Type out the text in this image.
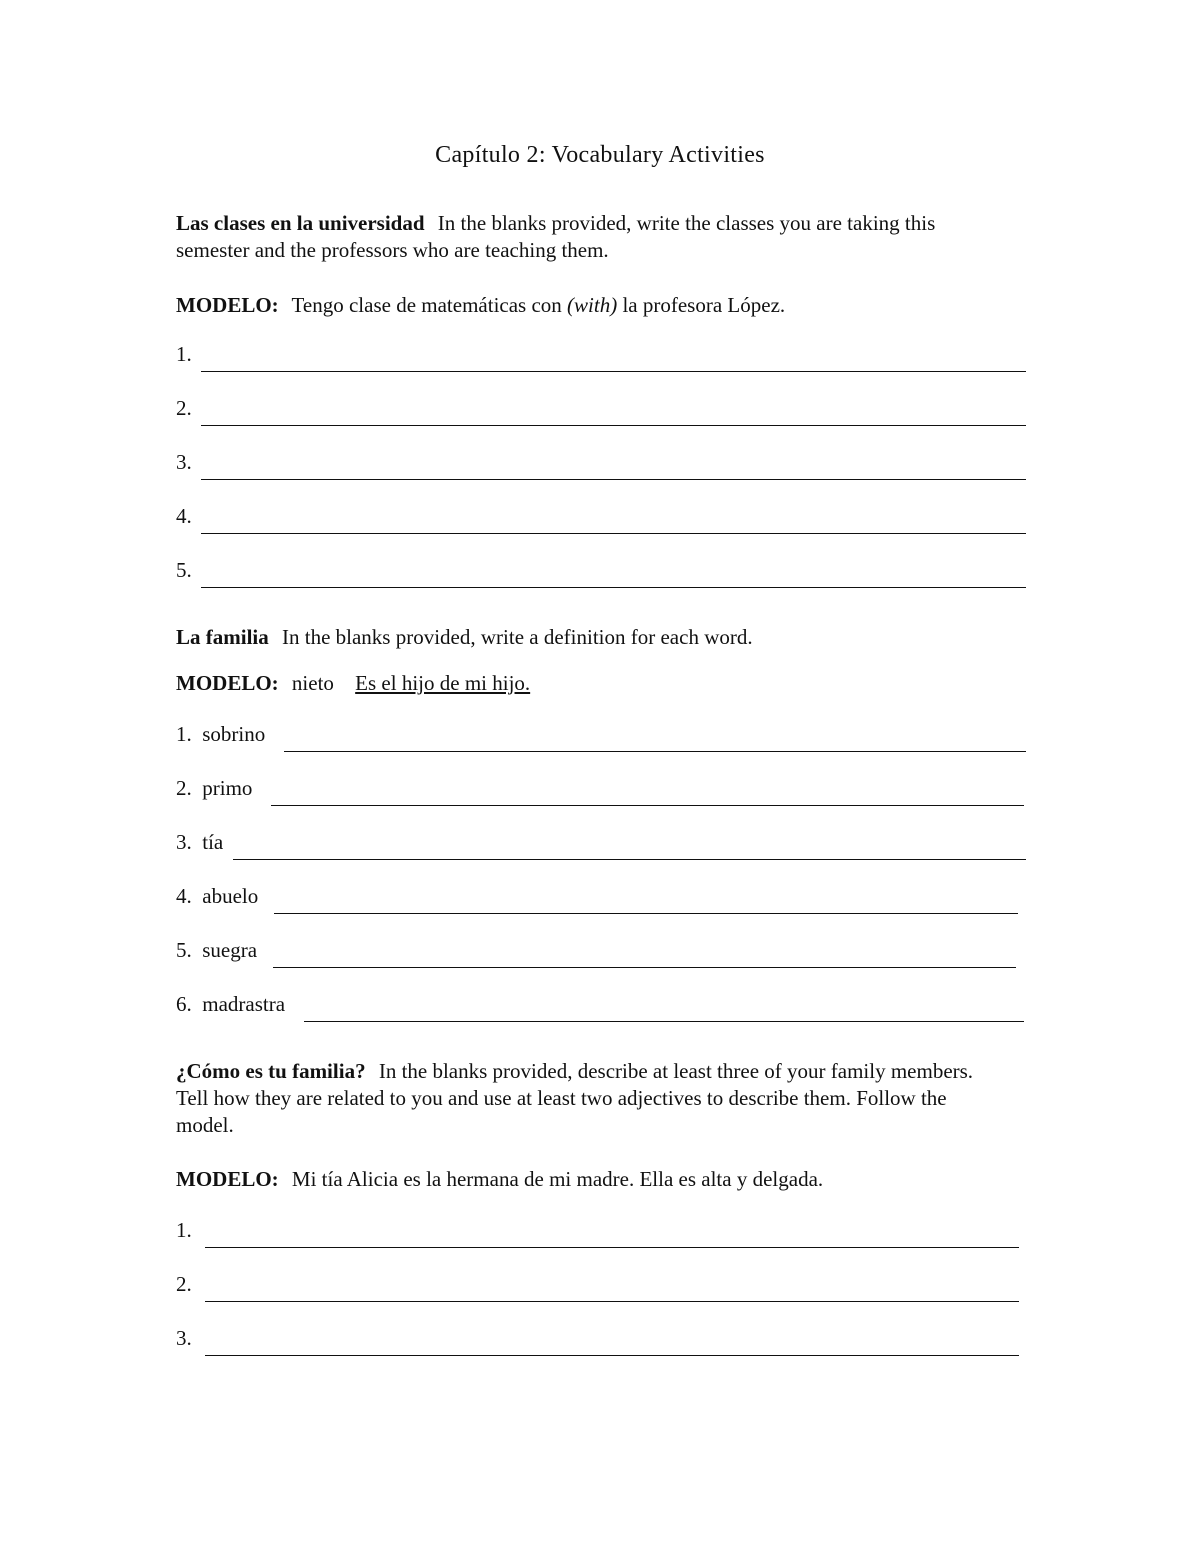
Capítulo 2: Vocabulary Activities
Las clases en la universidad In the blanks provided, write the classes you are taking this semester and the professors who are teaching them.
MODELO: Tengo clase de matemáticas con (with) la profesora López.
1.
2.
3.
4.
5.
La familia In the blanks provided, write a definition for each word.
MODELO: nieto Es el hijo de mi hijo.
1. sobrino
2. primo
3. tía
4. abuelo
5. suegra
6. madrastra
¿Cómo es tu familia? In the blanks provided, describe at least three of your family members. Tell how they are related to you and use at least two adjectives to describe them. Follow the model.
MODELO: Mi tía Alicia es la hermana de mi madre. Ella es alta y delgada.
1.
2.
3.
